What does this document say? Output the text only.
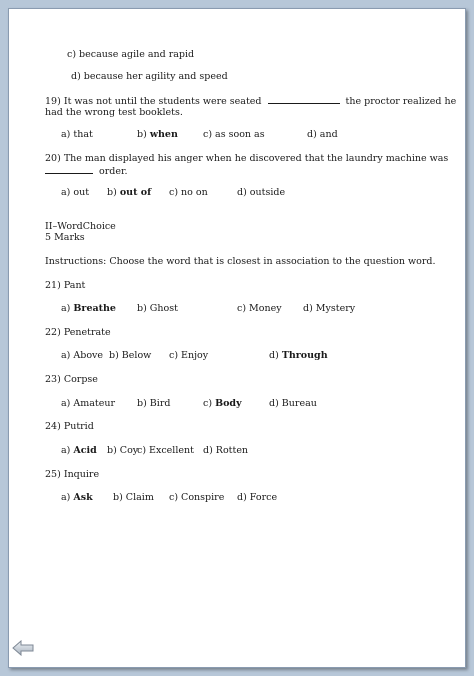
c) because agile and rapid
d) because her agility and speed
19) It was not until the students were seated	the proctor realized he
had the wrong test booklets.
a) that	b) when	c) as soon as	d) and
20) The man displayed his anger when he discovered that the laundry machine was
order.
a) out b) out of c) no on	d) outside
II–WordChoice
5 Marks
Instructions: Choose the word that is closest in association to the question word.
21) Pant
a) Breathe b) Ghost	c) Money d) Mystery
22) Penetrate
a) Above b) Below c) Enjoy	d) Through
23) Corpse
a) Amateur b) Bird	c) Body	d) Bureau
24) Putrid
a) Acid b) Coy
c) Excellent d) Rotten
25) Inquire
a) Ask b) Claim c) Conspire d) Force
